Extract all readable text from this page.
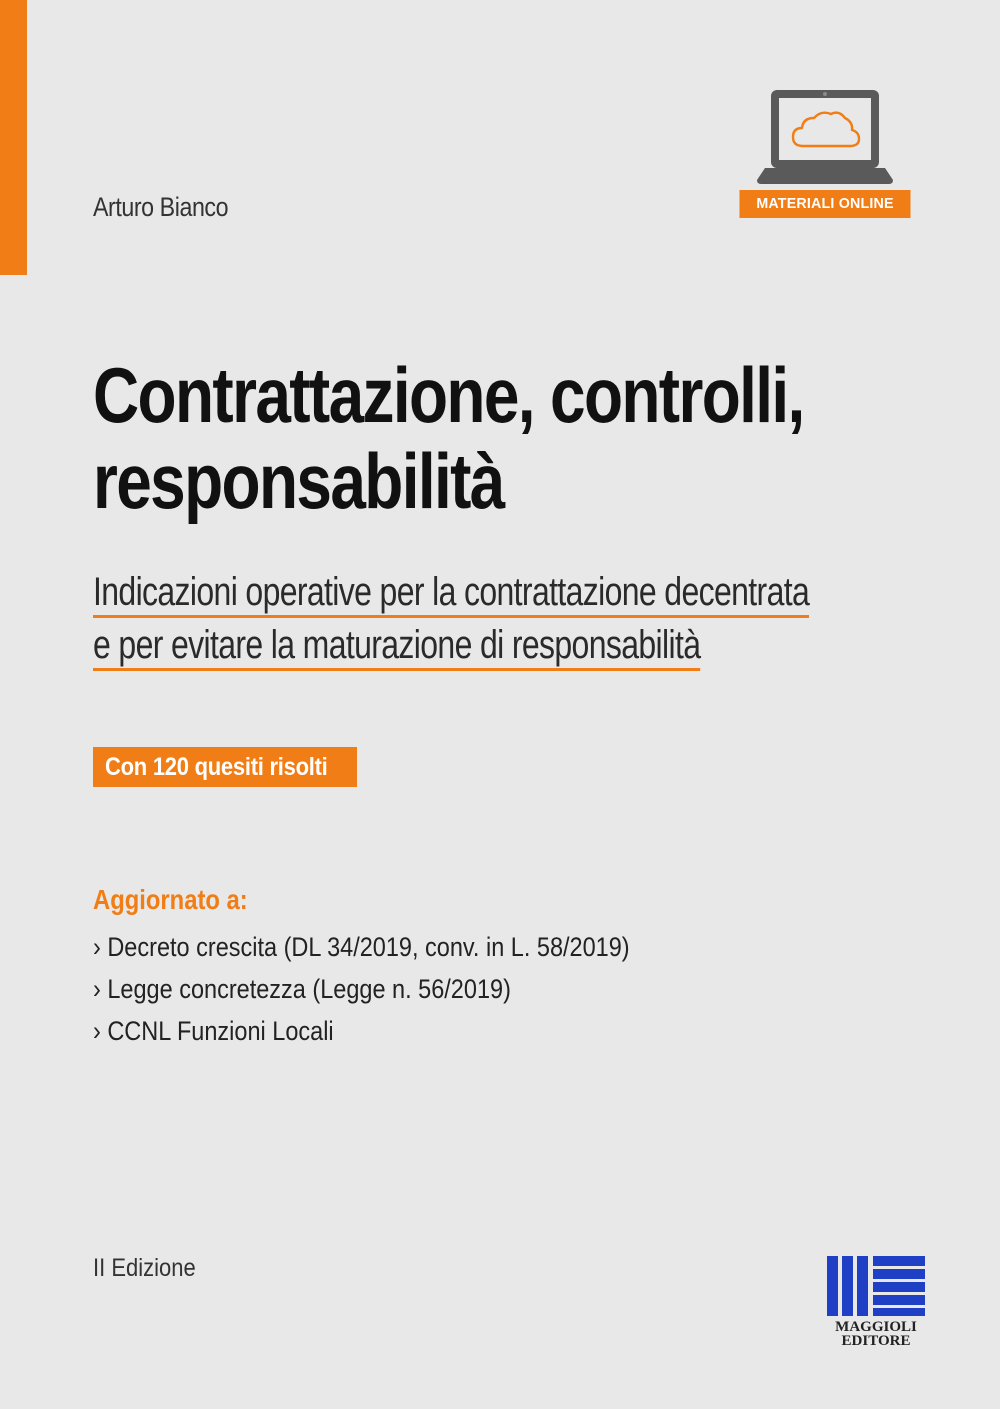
Arturo Bianco	MATERIALI ONLINE
Contrattazione, controlli,
responsabilità

Indicazioni operative per la contrattazione decentrata
e per evitare la maturazione di responsabilità

Con 120 quesiti risolti
Aggiornato a:
› Decreto crescita (DL 34/2019, conv. in L. 58/2019)
› Legge concretezza (Legge n. 56/2019)
› CCNL Funzioni Locali
II Edizione
MAGGIOLI
EDITORE
